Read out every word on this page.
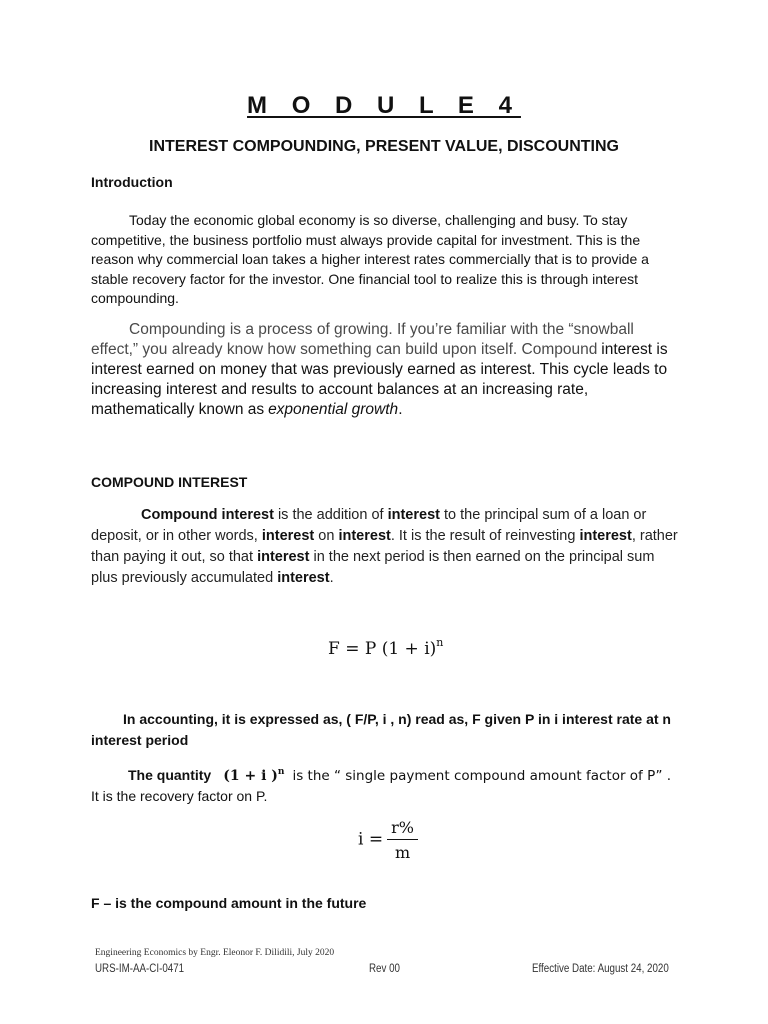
M O D U L E 4
INTEREST COMPOUNDING, PRESENT VALUE, DISCOUNTING
Introduction

Today the economic global economy is so diverse, challenging and busy. To stay competitive, the business portfolio must always provide capital for investment. This is the reason why commercial loan takes a higher interest rates commercially that is to provide a stable recovery factor for the investor. One financial tool to realize this is through interest compounding.

Compounding is a process of growing. If you’re familiar with the “snowball effect,” you already know how something can build upon itself. Compound interest is interest earned on money that was previously earned as interest. This cycle leads to increasing interest and results to account balances at an increasing rate, mathematically known as exponential growth.

COMPOUND INTEREST

Compound interest is the addition of interest to the principal sum of a loan or deposit, or in other words, interest on interest. It is the result of reinvesting interest, rather than paying it out, so that interest in the next period is then earned on the principal sum plus previously accumulated interest.

F = P $(1 + i)^n$

In accounting, it is expressed as, ( F/P, i , n) read as, F given P in i interest rate at n interest period

The quantity (1 + i )$^n$ is the “ single payment compound amount factor of P” .
It is the recovery factor on P.
$i = \frac{r\%}{m}$
F – is the compound amount in the future
Engineering Economics by Engr. Eleonor F. Dilidili, July 2020
URS-IM-AA-CI-0471	Rev 00	Effective Date: August 24, 2020
